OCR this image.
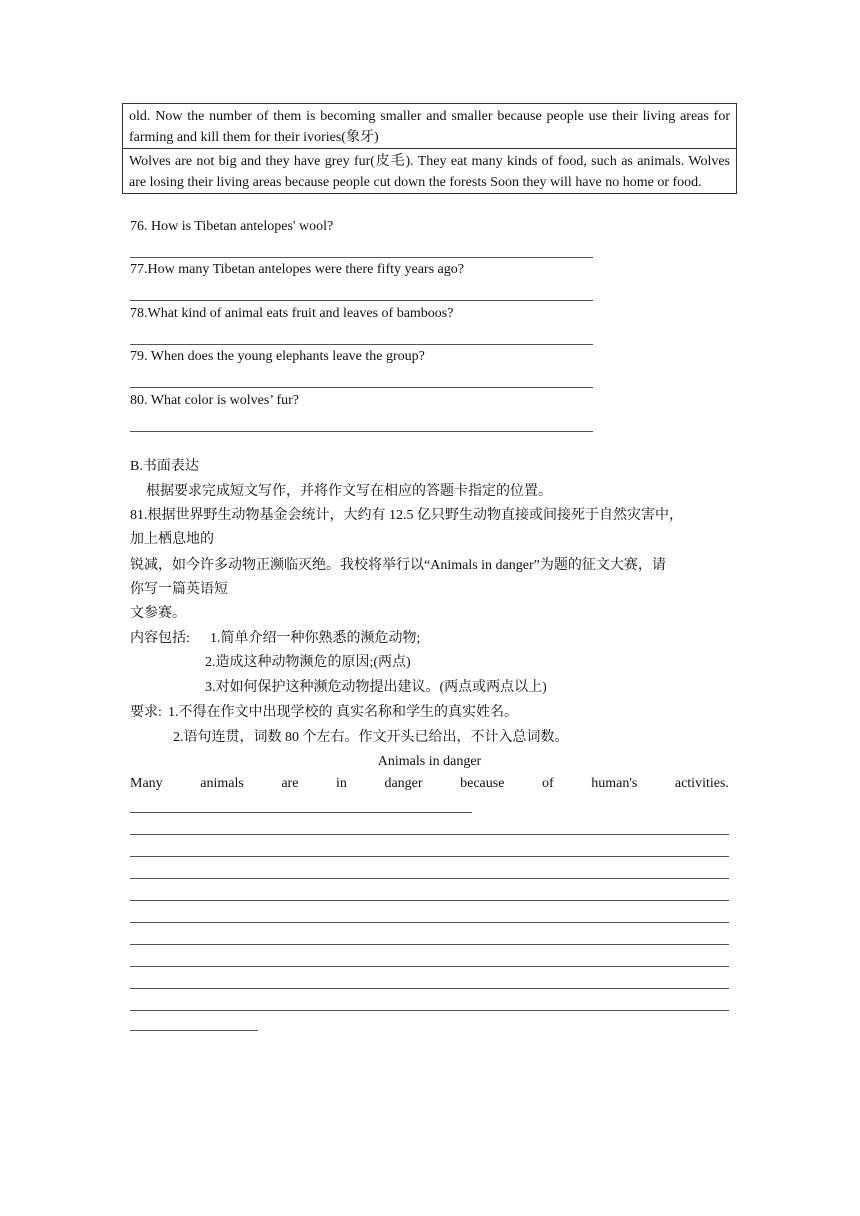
old. Now the number of them is becoming smaller and smaller because people use their living areas for farming and kill them for their ivories(象牙)
Wolves are not big and they have grey fur(皮毛). They eat many kinds of food, such as animals. Wolves are losing their living areas because people cut down the forests Soon they will have no home or food.
76. How is Tibetan antelopes' wool?
77.How many Tibetan antelopes were there fifty years ago?
78.What kind of animal eats fruit and leaves of bamboos?
79. When does the young elephants leave the group?
80. What color is wolves’ fur?
B.书面表达
根据要求完成短文写作，并将作文写在相应的答题卡指定的位置。
81.根据世界野生动物基金会统计，大约有 12.5 亿只野生动物直接或间接死于自然灾害中，
加上栖息地的
锐减，如今许多动物正濒临灭绝。我校将举行以“Animals in danger”为题的征文大赛，请
你写一篇英语短
文参赛。
内容包括: 1.简单介绍一种你熟悉的濒危动物;
2.造成这种动物濒危的原因;(两点)
3.对如何保护这种濒危动物提出建议。(两点或两点以上)
要求: 1.不得在作文中出现学校的 真实名称和学生的真实姓名。
2.语句连贯，词数 80 个左右。作文开头已给出，不计入总词数。
Animals in danger
Many	animals	are	in	danger	because	of	human's	activities.
